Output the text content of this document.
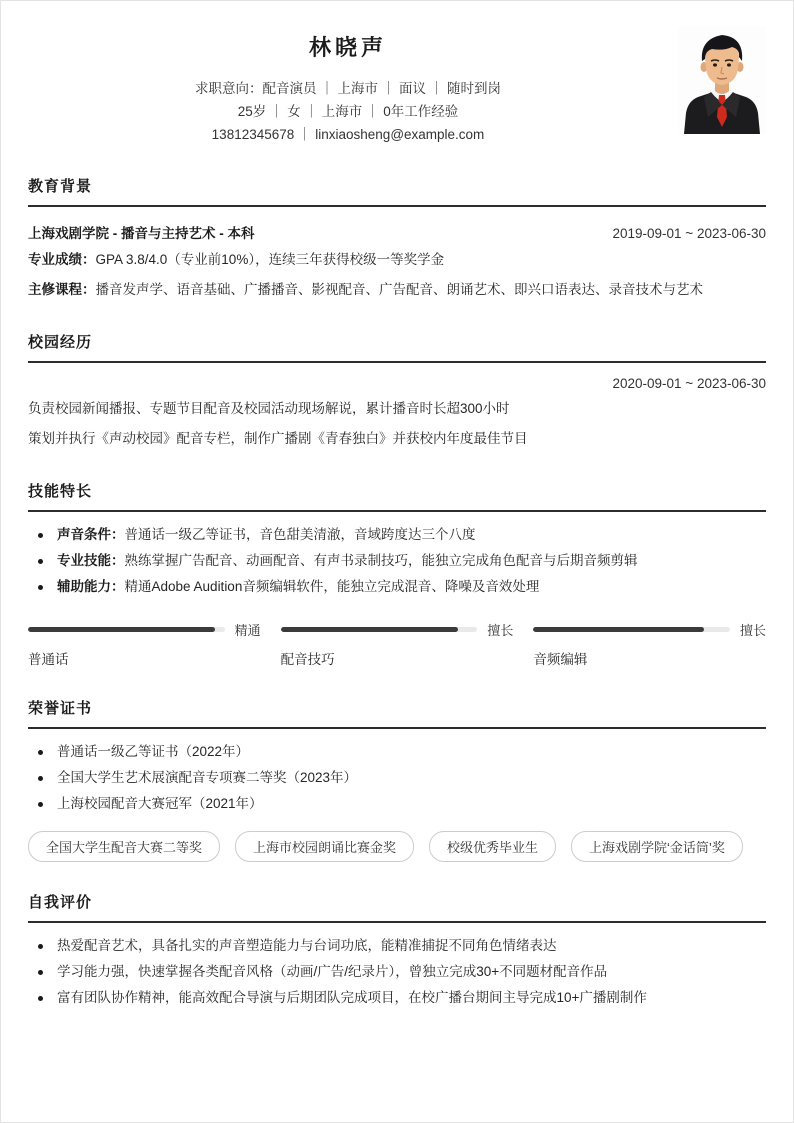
林晓声
求职意向：配音演员 ｜ 上海市 ｜ 面议 ｜ 随时到岗
25岁 ｜ 女 ｜ 上海市 ｜ 0年工作经验
13812345678 ｜ linxiaosheng@example.com
教育背景
上海戏剧学院 - 播音与主持艺术 - 本科	2019-09-01 ~ 2023-06-30
专业成绩：GPA 3.8/4.0（专业前10%），连续三年获得校级一等奖学金
主修课程：播音发声学、语音基础、广播播音、影视配音、广告配音、朗诵艺术、即兴口语表达、录音技术与艺术
校园经历
2020-09-01 ~ 2023-06-30
负责校园新闻播报、专题节目配音及校园活动现场解说，累计播音时长超300小时
策划并执行《声动校园》配音专栏，制作广播剧《青春独白》并获校内年度最佳节目
技能特长
声音条件：普通话一级乙等证书，音色甜美清澈，音域跨度达三个八度
专业技能：熟练掌握广告配音、动画配音、有声书录制技巧，能独立完成角色配音与后期音频剪辑
辅助能力：精通Adobe Audition音频编辑软件，能独立完成混音、降噪及音效处理
精通
普通话
擅长
配音技巧
擅长
音频编辑
荣誉证书
普通话一级乙等证书（2022年）
全国大学生艺术展演配音专项赛二等奖（2023年）
上海校园配音大赛冠军（2021年）
全国大学生配音大赛二等奖	上海市校园朗诵比赛金奖	校级优秀毕业生	上海戏剧学院‘金话筒’奖
自我评价
热爱配音艺术，具备扎实的声音塑造能力与台词功底，能精准捕捉不同角色情绪表达
学习能力强，快速掌握各类配音风格（动画/广告/纪录片），曾独立完成30+不同题材配音作品
富有团队协作精神，能高效配合导演与后期团队完成项目，在校广播台期间主导完成10+广播剧制作
